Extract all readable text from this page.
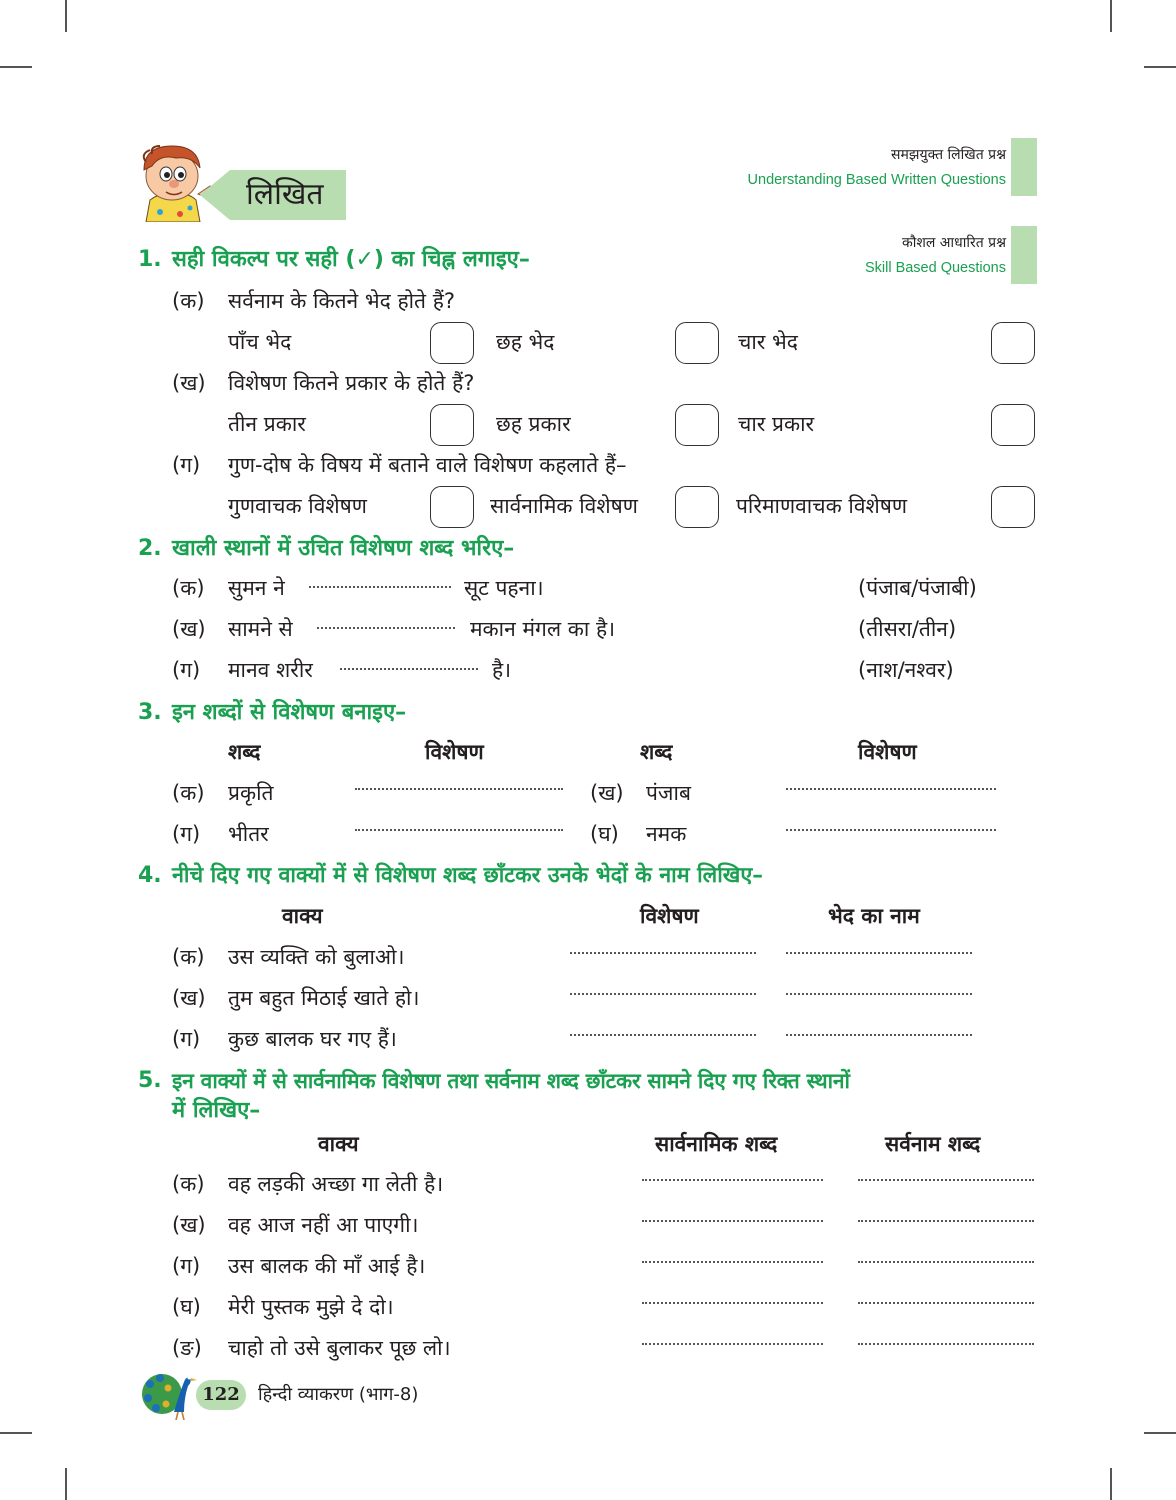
लिखित
समझयुक्त लिखित प्रश्न
Understanding Based Written Questions
कौशल आधारित प्रश्न
Skill Based Questions
1. सही विकल्प पर सही (✓) का चिह्न लगाइए–
(क) सर्वनाम के कितने भेद होते हैं?
पाँच भेद	छह भेद	चार भेद
(ख) विशेषण कितने प्रकार के होते हैं?
तीन प्रकार	छह प्रकार	चार प्रकार
(ग) गुण-दोष के विषय में बताने वाले विशेषण कहलाते हैं–
गुणवाचक विशेषण	सार्वनामिक विशेषण	परिमाणवाचक विशेषण
2. खाली स्थानों में उचित विशेषण शब्द भरिए–
(क) सुमन ने	सूट पहना।	(पंजाब/पंजाबी)
(ख) सामने से	मकान मंगल का है।	(तीसरा/तीन)
(ग) मानव शरीर	है।	(नाश/नश्वर)
3. इन शब्दों से विशेषण बनाइए–
शब्द	विशेषण	शब्द	विशेषण
(क) प्रकृति	(ख) पंजाब
(ग) भीतर	(घ) नमक
4. नीचे दिए गए वाक्यों में से विशेषण शब्द छाँटकर उनके भेदों के नाम लिखिए–
वाक्य	विशेषण	भेद का नाम
(क) उस व्यक्ति को बुलाओ।
(ख) तुम बहुत मिठाई खाते हो।
(ग) कुछ बालक घर गए हैं।
5. इन वाक्यों में से सार्वनामिक विशेषण तथा सर्वनाम शब्द छाँटकर सामने दिए गए रिक्त स्थानों
में लिखिए–
वाक्य	सार्वनामिक शब्द	सर्वनाम शब्द
(क) वह लड़की अच्छा गा लेती है।
(ख) वह आज नहीं आ पाएगी।
(ग) उस बालक की माँ आई है।
(घ) मेरी पुस्तक मुझे दे दो।
(ङ) चाहो तो उसे बुलाकर पूछ लो।
122	हिन्दी व्याकरण (भाग-8)
